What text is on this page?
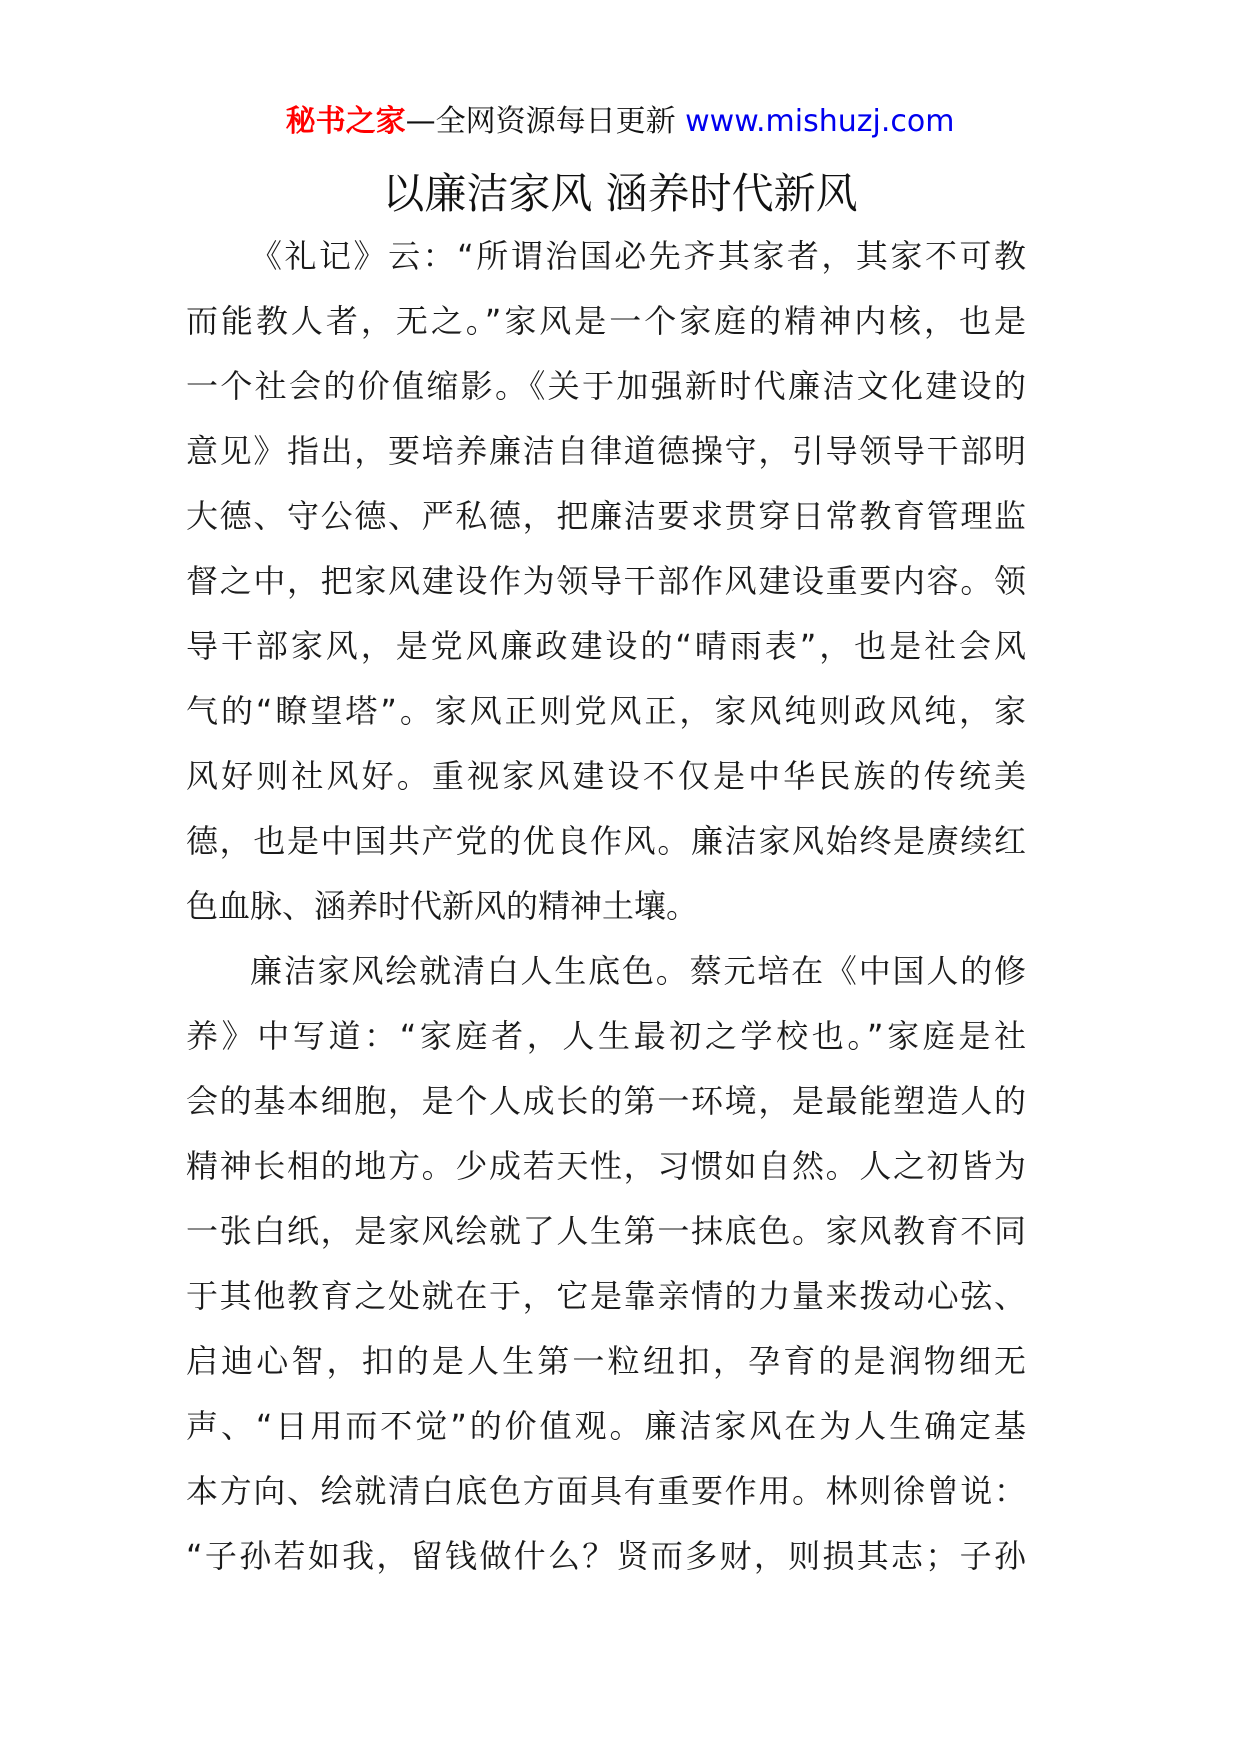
秘书之家—全网资源每日更新 www.mishuzj.com
以廉洁家风 涵养时代新风
《礼记》云：“所谓治国必先齐其家者，其家不可教
而能教人者，无之。”家风是一个家庭的精神内核，也是
一个社会的价值缩影。《关于加强新时代廉洁文化建设的
意见》指出，要培养廉洁自律道德操守，引导领导干部明
大德、守公德、严私德，把廉洁要求贯穿日常教育管理监
督之中，把家风建设作为领导干部作风建设重要内容。领
导干部家风，是党风廉政建设的“晴雨表”，也是社会风
气的“瞭望塔”。家风正则党风正，家风纯则政风纯，家
风好则社风好。重视家风建设不仅是中华民族的传统美
德，也是中国共产党的优良作风。廉洁家风始终是赓续红
色血脉、涵养时代新风的精神土壤。
廉洁家风绘就清白人生底色。蔡元培在《中国人的修
养》中写道：“家庭者，人生最初之学校也。”家庭是社
会的基本细胞，是个人成长的第一环境，是最能塑造人的
精神长相的地方。少成若天性，习惯如自然。人之初皆为
一张白纸，是家风绘就了人生第一抹底色。家风教育不同
于其他教育之处就在于，它是靠亲情的力量来拨动心弦、
启迪心智，扣的是人生第一粒纽扣，孕育的是润物细无
声、“日用而不觉”的价值观。廉洁家风在为人生确定基
本方向、绘就清白底色方面具有重要作用。林则徐曾说：
“子孙若如我，留钱做什么？贤而多财，则损其志；子孙
